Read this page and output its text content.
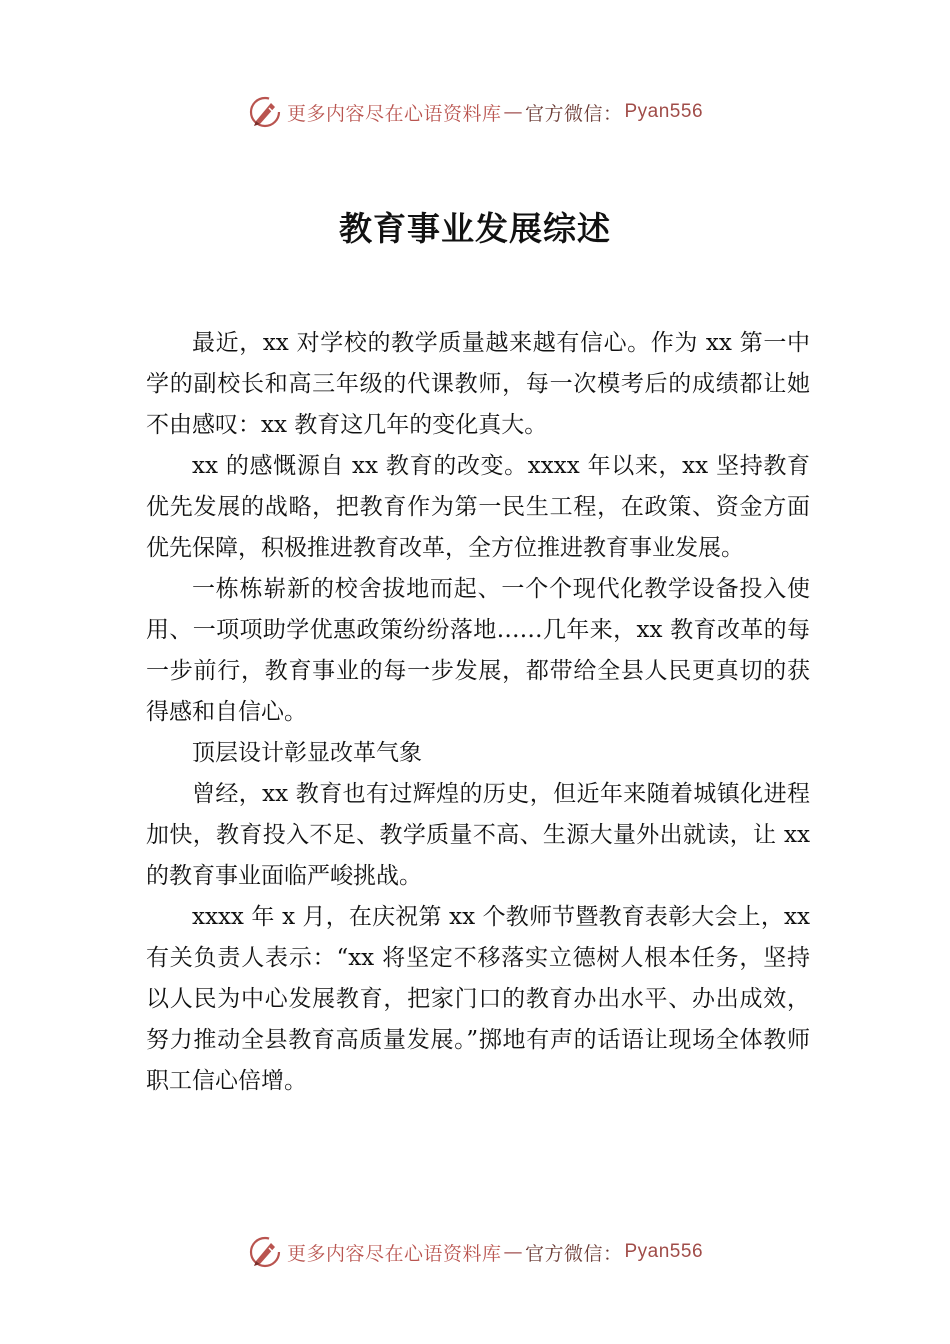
更多内容尽在心语资料库 — 官方微信： Pyan556
教育事业发展综述

最近，xx 对学校的教学质量越来越有信心。作为 xx 第一中学的副校长和高三年级的代课教师，每一次模考后的成绩都让她不由感叹：xx 教育这几年的变化真大。

xx 的感慨源自 xx 教育的改变。xxxx 年以来，xx 坚持教育优先发展的战略，把教育作为第一民生工程，在政策、资金方面优先保障，积极推进教育改革，全方位推进教育事业发展。

一栋栋崭新的校舍拔地而起、一个个现代化教学设备投入使用、一项项助学优惠政策纷纷落地……几年来，xx 教育改革的每一步前行，教育事业的每一步发展，都带给全县人民更真切的获得感和自信心。

顶层设计彰显改革气象

曾经，xx 教育也有过辉煌的历史，但近年来随着城镇化进程加快，教育投入不足、教学质量不高、生源大量外出就读，让 xx 的教育事业面临严峻挑战。

xxxx 年 x 月，在庆祝第 xx 个教师节暨教育表彰大会上，xx 有关负责人表示：“xx 将坚定不移落实立德树人根本任务，坚持以人民为中心发展教育，把家门口的教育办出水平、办出成效，努力推动全县教育高质量发展。”掷地有声的话语让现场全体教师职工信心倍增。

更多内容尽在心语资料库 — 官方微信： Pyan556
